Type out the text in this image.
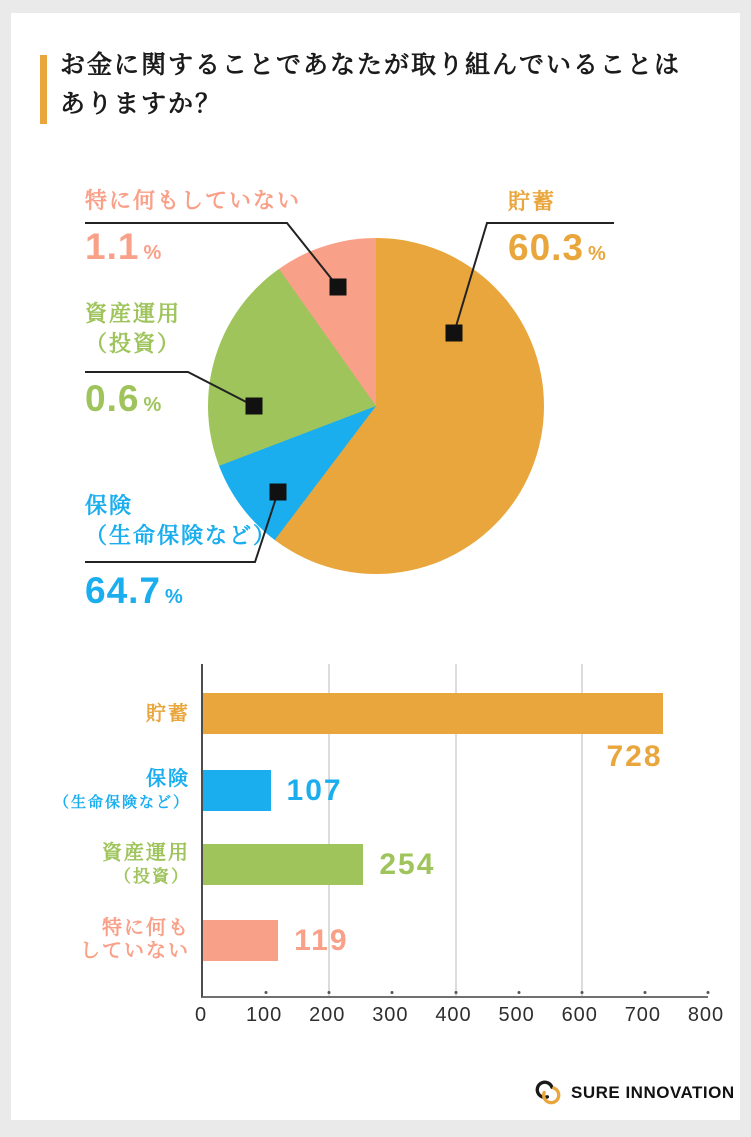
お金に関することであなたが取り組んでいることは
ありますか？
貯蓄
60.3 %
特に何もしていない
1.1 %
資産運用
（投資）
0.6 %
保険
（生命保険など）
64.7 %
728
107
254
119
貯蓄
保険
（生命保険など）
資産運用
（投資）
特に何も
していない
0 100 200 300 400 500 600 700 800
SURE INNOVATION
